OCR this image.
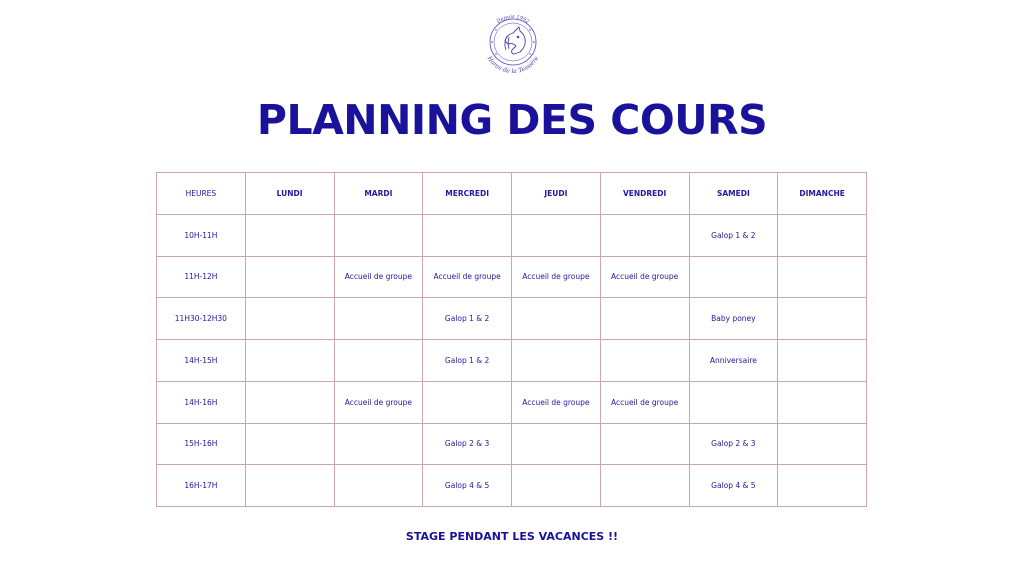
Depuis 1992
Haras de la Tessière
PLANNING DES COURS
HEURES	LUNDI	MARDI	MERCREDI	JEUDI	VENDREDI	SAMEDI	DIMANCHE
10H-11H						Galop 1 & 2	
11H-12H		Accueil de groupe	Accueil de groupe	Accueil de groupe	Accueil de groupe		
11H30-12H30			Galop 1 & 2			Baby poney	
14H-15H			Galop 1 & 2			Anniversaire	
14H-16H		Accueil de groupe		Accueil de groupe	Accueil de groupe		
15H-16H			Galop 2 & 3			Galop 2 & 3	
16H-17H			Galop 4 & 5			Galop 4 & 5	
STAGE PENDANT LES VACANCES !!
